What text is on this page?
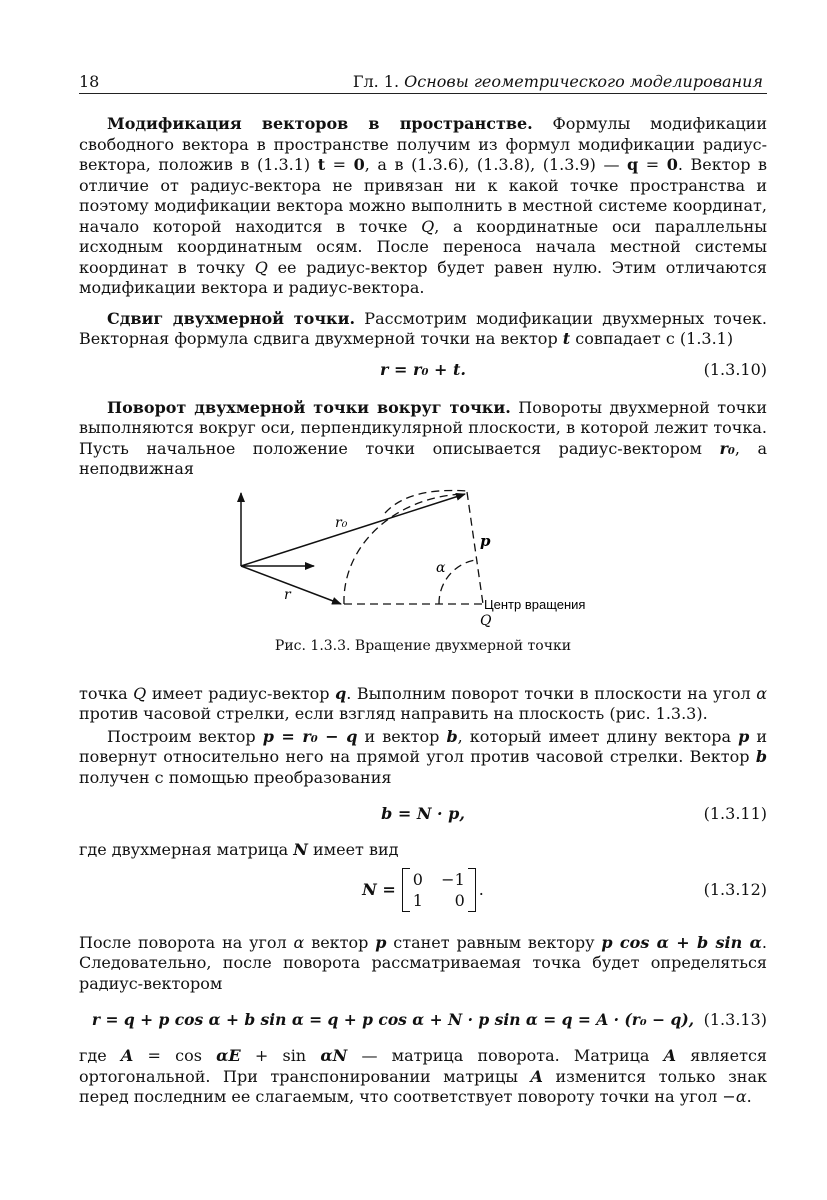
18	Гл. 1. Основы геометрического моделирования

Модификация векторов в пространстве. Формулы модификации свободного вектора в пространстве получим из формул модификации радиус-вектора, положив в (1.3.1) t = 0, а в (1.3.6), (1.3.8), (1.3.9) — q = 0. Вектор в отличие от радиус-вектора не привязан ни к какой точке пространства и поэтому модификации вектора можно выполнить в местной системе координат, начало которой находится в точке Q, а координатные оси параллельны исходным координатным осям. После переноса начала местной системы координат в точку Q ее радиус-вектор будет равен нулю. Этим отличаются модификации вектора и радиус-вектора.

Сдвиг двухмерной точки. Рассмотрим модификации двухмерных точек. Векторная формула сдвига двухмерной точки на вектор t совпадает с (1.3.1)

r = r₀ + t.	(1.3.10)

Поворот двухмерной точки вокруг точки. Повороты двухмерной точки выполняются вокруг оси, перпендикулярной плоскости, в которой лежит точка. Пусть начальное положение точки описывается радиус-вектором r₀, а неподвижная

r₀
r
p
α
Центр вращения
Q
Рис. 1.3.3. Вращение двухмерной точки

точка Q имеет радиус-вектор q. Выполним поворот точки в плоскости на угол α против часовой стрелки, если взгляд направить на плоскость (рис. 1.3.3).

Построим вектор p = r₀ − q и вектор b, который имеет длину вектора p и повернут относительно него на прямой угол против часовой стрелки. Вектор b получен с помощью преобразования

b = N · p,	(1.3.11)

где двухмерная матрица N имеет вид

N =
0	−1
1	0
.	(1.3.12)

После поворота на угол α вектор p станет равным вектору p cos α + b sin α. Следовательно, после поворота рассматриваемая точка будет определяться радиус-вектором

r = q + p cos α + b sin α = q + p cos α + N · p sin α = q = A · (r₀ − q), (1.3.13)

где A = cos αE + sin αN — матрица поворота. Матрица A является ортогональной. При транспонировании матрицы A изменится только знак перед последним ее слагаемым, что соответствует повороту точки на угол −α.
